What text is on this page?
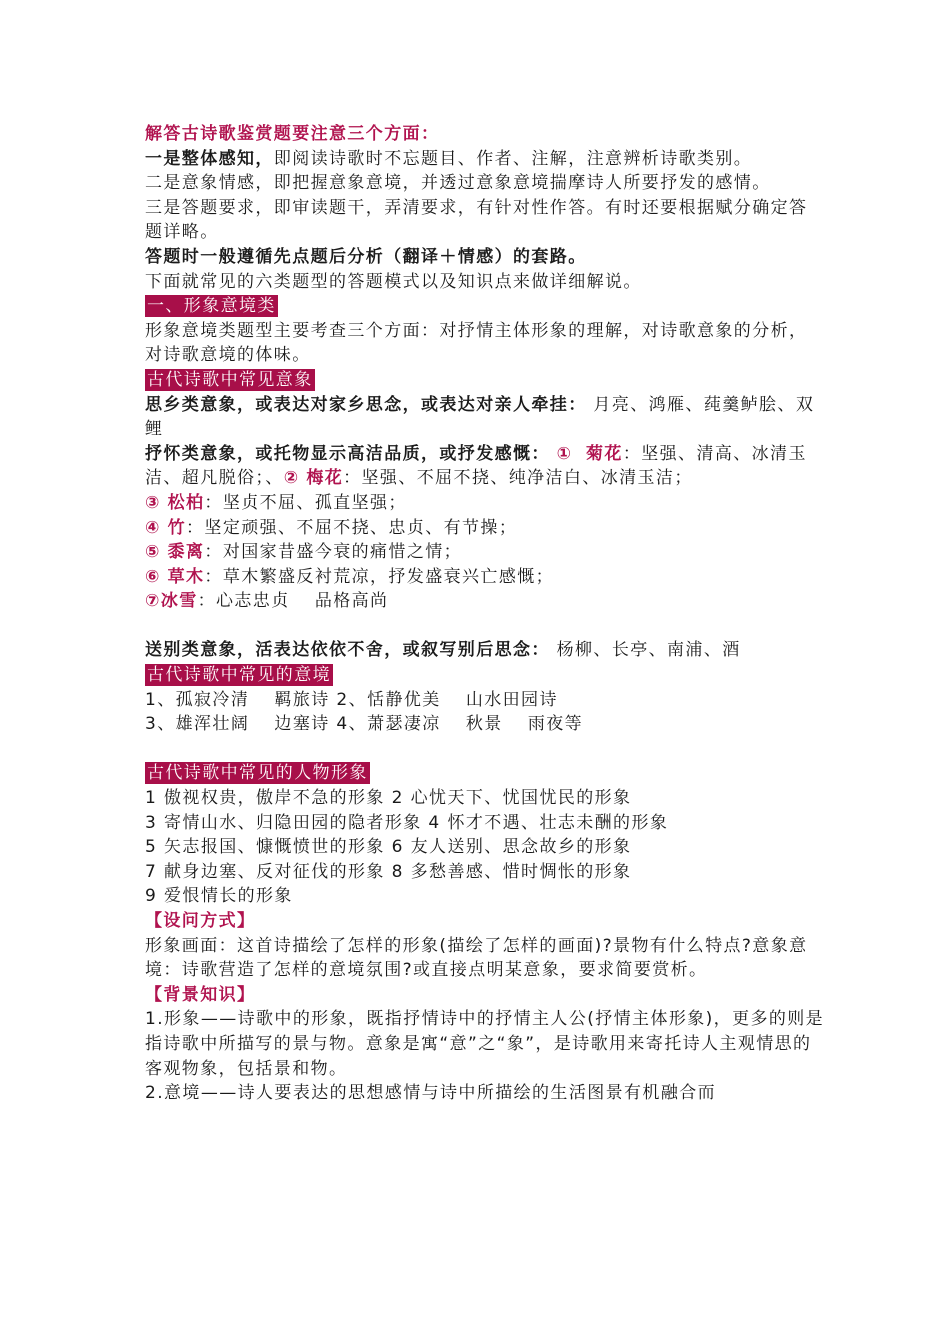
解答古诗歌鉴赏题要注意三个方面：
一是整体感知，即阅读诗歌时不忘题目、作者、注解，注意辨析诗歌类别。
二是意象情感，即把握意象意境，并透过意象意境揣摩诗人所要抒发的感情。
三是答题要求，即审读题干，弄清要求，有针对性作答。有时还要根据赋分确定答题详略。
答题时一般遵循先点题后分析（翻译＋情感）的套路。
下面就常见的六类题型的答题模式以及知识点来做详细解说。
一、形象意境类
形象意境类题型主要考查三个方面：对抒情主体形象的理解，对诗歌意象的分析，对诗歌意境的体味。
古代诗歌中常见意象
思乡类意象，或表达对家乡思念，或表达对亲人牵挂： 月亮、鸿雁、莼羹鲈脍、双鲤
抒怀类意象，或托物显示高洁品质，或抒发感慨： ① 菊花：坚强、清高、冰清玉洁、超凡脱俗；、② 梅花：坚强、不屈不挠、纯净洁白、冰清玉洁；
③ 松柏：坚贞不屈、孤直坚强；
④ 竹：坚定顽强、不屈不挠、忠贞、有节操；
⑤ 黍离：对国家昔盛今衰的痛惜之情；
⑥ 草木：草木繁盛反衬荒凉，抒发盛衰兴亡感慨；
⑦冰雪：心志忠贞　 品格高尚
送别类意象，活表达依依不舍，或叙写别后思念： 杨柳、长亭、南浦、酒
古代诗歌中常见的意境
1、孤寂冷清　 羁旅诗 2、恬静优美　 山水田园诗
3、雄浑壮阔　 边塞诗 4、萧瑟凄凉　 秋景　 雨夜等
古代诗歌中常见的人物形象
1 傲视权贵，傲岸不急的形象 2 心忧天下、忧国忧民的形象
3 寄情山水、归隐田园的隐者形象 4 怀才不遇、壮志未酬的形象
5 矢志报国、慷慨愤世的形象 6 友人送别、思念故乡的形象
7 献身边塞、反对征伐的形象 8 多愁善感、惜时惆怅的形象
9 爱恨情长的形象
【设问方式】
形象画面：这首诗描绘了怎样的形象(描绘了怎样的画面)?景物有什么特点?意象意境：诗歌营造了怎样的意境氛围?或直接点明某意象，要求简要赏析。
【背景知识】
1.形象——诗歌中的形象，既指抒情诗中的抒情主人公(抒情主体形象)，更多的则是指诗歌中所描写的景与物。意象是寓“意”之“象”，是诗歌用来寄托诗人主观情思的客观物象，包括景和物。
2.意境——诗人要表达的思想感情与诗中所描绘的生活图景有机融合而
